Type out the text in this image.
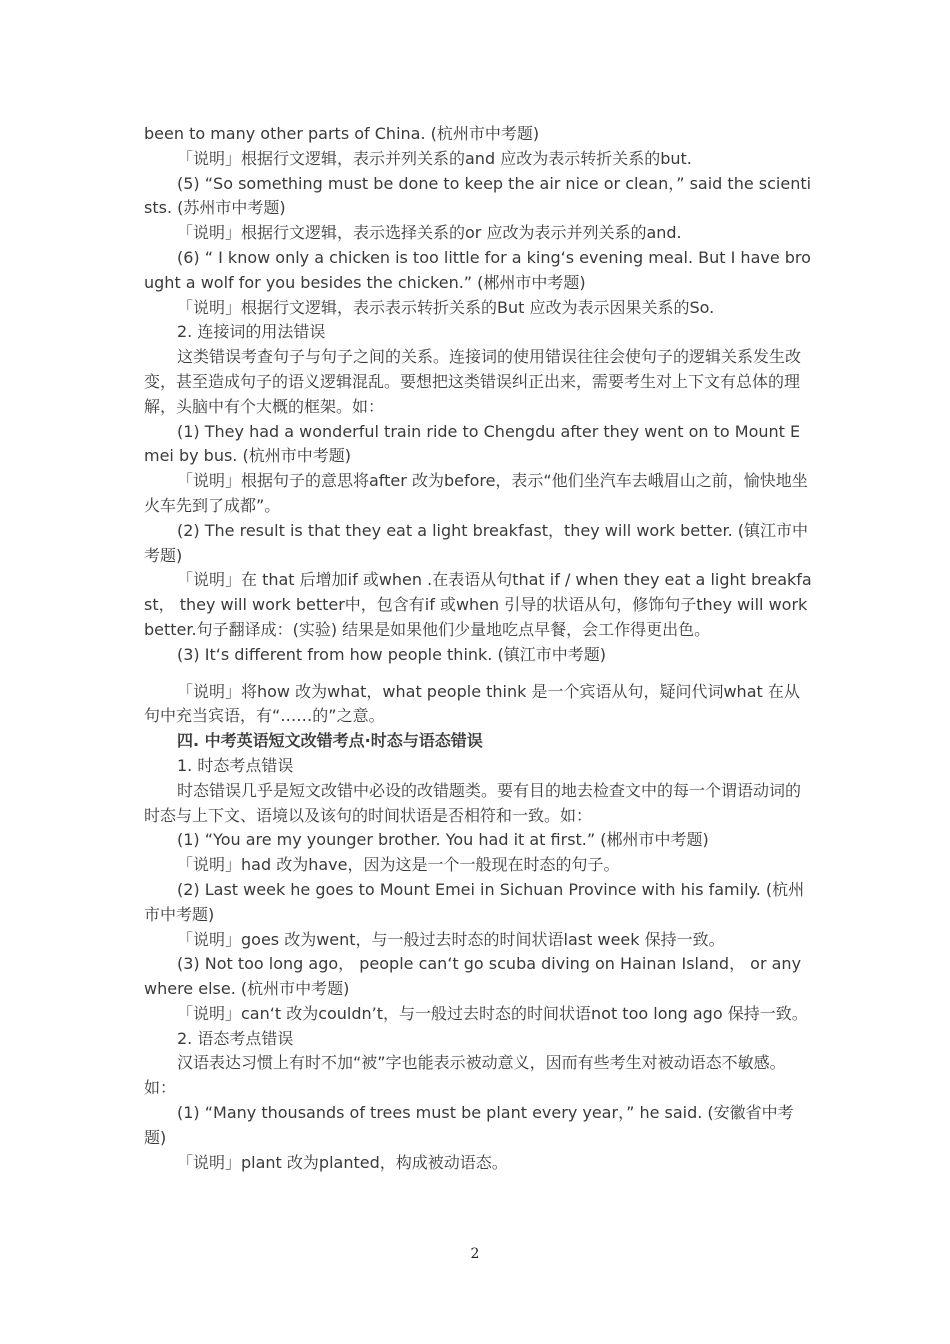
been to many other parts of China. (杭州市中考题)

「说明」根据行文逻辑，表示并列关系的and 应改为表示转折关系的but.

(5) “So something must be done to keep the air nice or clean，” said the scientists. (苏州市中考题)

「说明」根据行文逻辑，表示选择关系的or 应改为表示并列关系的and.

(6) “ I know only a chicken is too little for a king‘s evening meal. But I have brought a wolf for you besides the chicken.” (郴州市中考题)

「说明」根据行文逻辑，表示表示转折关系的But 应改为表示因果关系的So.

2. 连接词的用法错误

这类错误考查句子与句子之间的关系。连接词的使用错误往往会使句子的逻辑关系发生改变，甚至造成句子的语义逻辑混乱。要想把这类错误纠正出来，需要考生对上下文有总体的理解，头脑中有个大概的框架。如：

(1) They had a wonderful train ride to Chengdu after they went on to Mount Emei by bus. (杭州市中考题)

「说明」根据句子的意思将after 改为before，表示“他们坐汽车去峨眉山之前，愉快地坐火车先到了成都”。

(2) The result is that they eat a light breakfast，they will work better. (镇江市中考题)

「说明」在 that 后增加if 或when .在表语从句that if / when they eat a light breakfast， they will work better中，包含有if 或when 引导的状语从句，修饰句子they will work better.句子翻译成：(实验) 结果是如果他们少量地吃点早餐，会工作得更出色。

(3) It‘s different from how people think. (镇江市中考题)

「说明」将how 改为what，what people think 是一个宾语从句，疑问代词what 在从句中充当宾语，有“……的”之意。

四. 中考英语短文改错考点·时态与语态错误

1. 时态考点错误

时态错误几乎是短文改错中必设的改错题类。要有目的地去检查文中的每一个谓语动词的时态与上下文、语境以及该句的时间状语是否相符和一致。如：

(1) “You are my younger brother. You had it at first.” (郴州市中考题)

「说明」had 改为have，因为这是一个一般现在时态的句子。

(2) Last week he goes to Mount Emei in Sichuan Province with his family. (杭州市中考题)

「说明」goes 改为went，与一般过去时态的时间状语last week 保持一致。

(3) Not too long ago， people can‘t go scuba diving on Hainan Island， or anywhere else. (杭州市中考题)

「说明」can‘t 改为couldn’t，与一般过去时态的时间状语not too long ago 保持一致。

2. 语态考点错误

汉语表达习惯上有时不加“被”字也能表示被动意义，因而有些考生对被动语态不敏感。如：

(1) “Many thousands of trees must be plant every year，” he said. (安徽省中考题)

「说明」plant 改为planted，构成被动语态。

2
